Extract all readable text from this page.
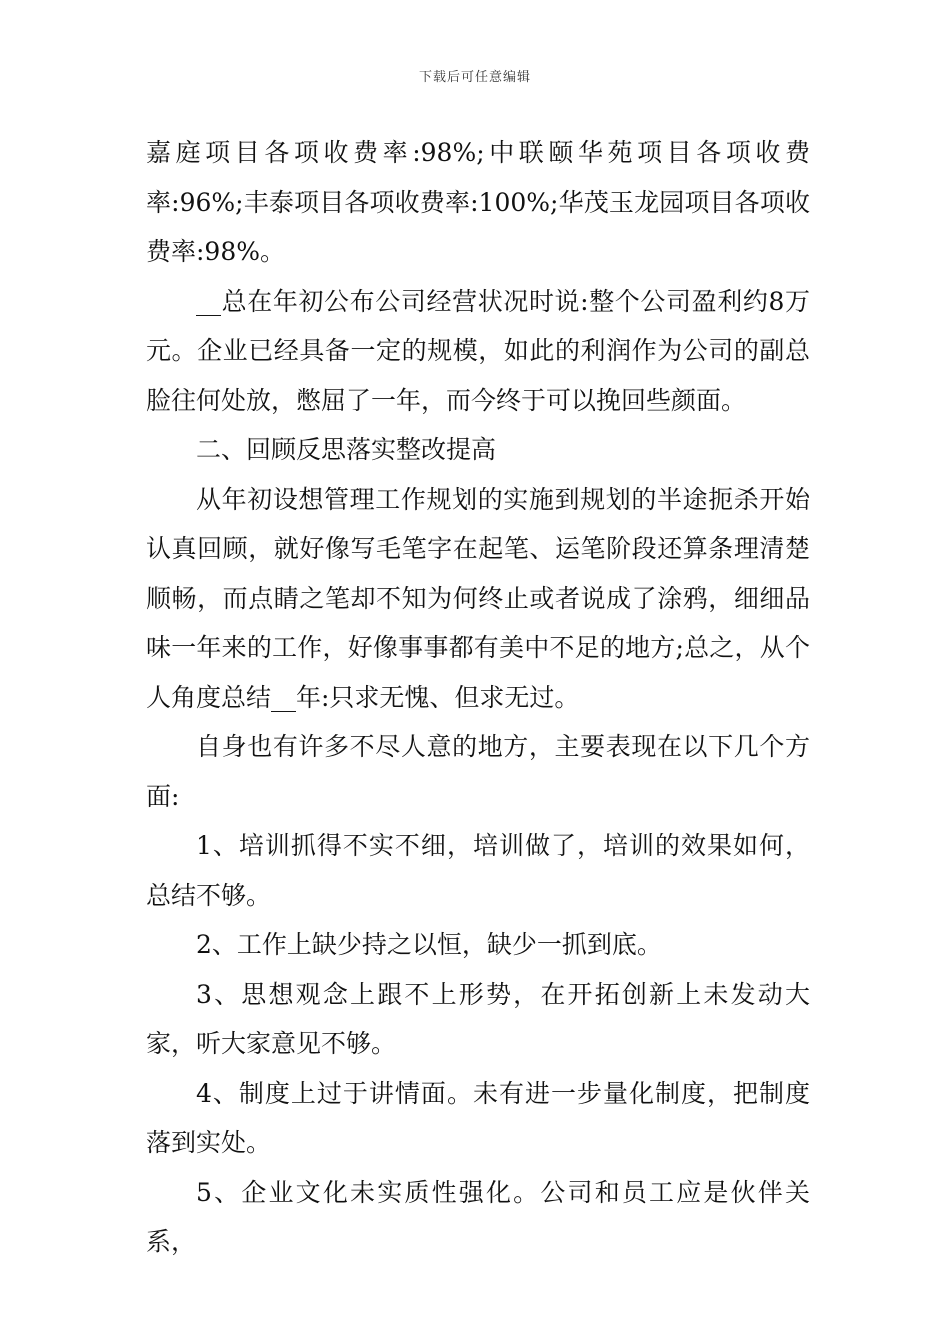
下载后可任意编辑

嘉庭项目各项收费率:98%;中联颐华苑项目各项收费率:96%;丰泰项目各项收费率:100%;华茂玉龙园项目各项收费率:98%。

__总在年初公布公司经营状况时说:整个公司盈利约8万元。企业已经具备一定的规模，如此的利润作为公司的副总脸往何处放，憋屈了一年，而今终于可以挽回些颜面。

二、回顾反思落实整改提高

从年初设想管理工作规划的实施到规划的半途扼杀开始认真回顾，就好像写毛笔字在起笔、运笔阶段还算条理清楚顺畅，而点睛之笔却不知为何终止或者说成了涂鸦，细细品味一年来的工作，好像事事都有美中不足的地方;总之，从个人角度总结__年:只求无愧、但求无过。

自身也有许多不尽人意的地方，主要表现在以下几个方面:

1、培训抓得不实不细，培训做了，培训的效果如何，总结不够。

2、工作上缺少持之以恒，缺少一抓到底。

3、思想观念上跟不上形势，在开拓创新上未发动大家，听大家意见不够。

4、制度上过于讲情面。未有进一步量化制度，把制度落到实处。

5、企业文化未实质性强化。公司和员工应是伙伴关系，
